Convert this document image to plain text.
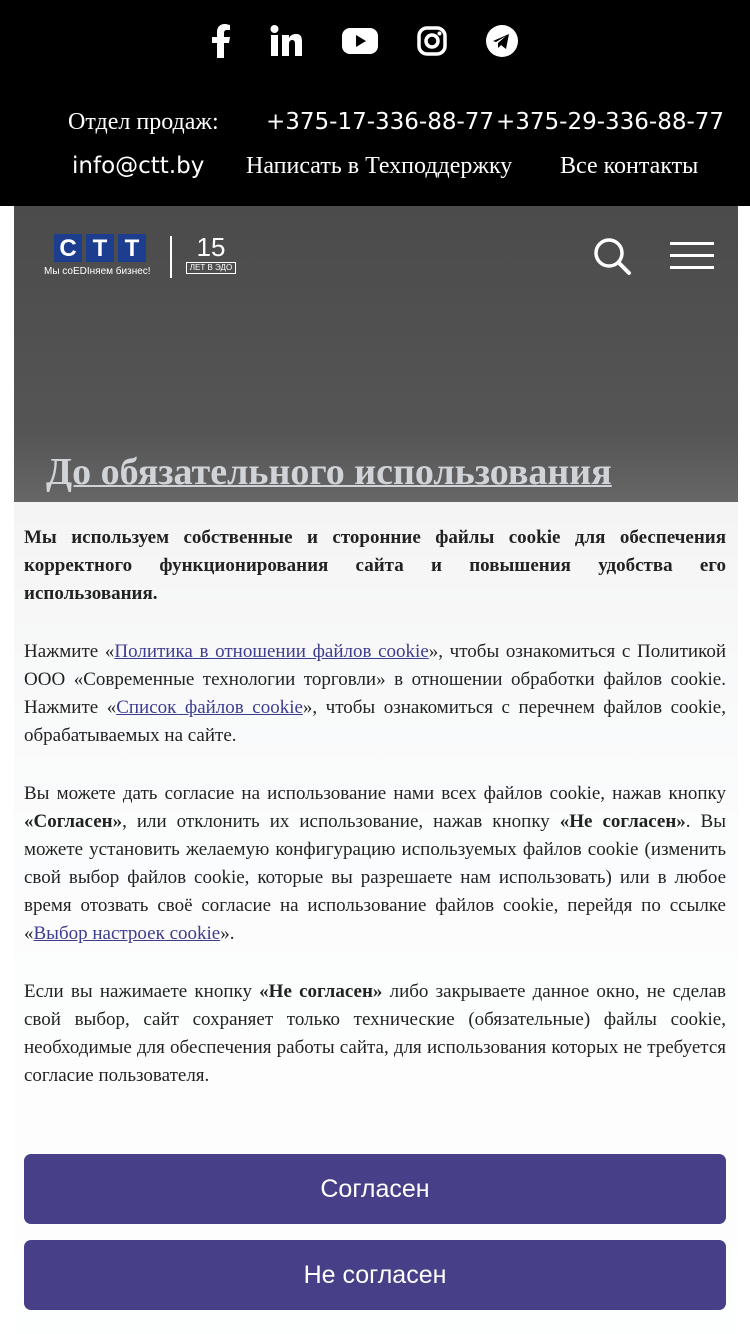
Отдел продаж: +375-17-336-88-77 +375-29-336-88-77
info@ctt.by Написать в Техподдержку Все контакты
C T T
Мы соEDIняем бизнес!
15
ЛЕТ В ЭДО
До обязательного использования

Мы используем собственные и сторонние файлы cookie для обеспечения корректного функционирования сайта и повышения удобства его использования.

Нажмите «Политика в отношении файлов cookie», чтобы ознакомиться с Политикой ООО «Современные технологии торговли» в отношении обработки файлов cookie. Нажмите «Список файлов cookie», чтобы ознакомиться с перечнем файлов cookie, обрабатываемых на сайте.

Вы можете дать согласие на использование нами всех файлов cookie, нажав кнопку «Согласен», или отклонить их использование, нажав кнопку «Не согласен». Вы можете установить желаемую конфигурацию используемых файлов cookie (изменить свой выбор файлов cookie, которые вы разрешаете нам использовать) или в любое время отозвать своё согласие на использование файлов cookie, перейдя по ссылке «Выбор настроек cookie».

Если вы нажимаете кнопку «Не согласен» либо закрываете данное окно, не сделав свой выбор, сайт сохраняет только технические (обязательные) файлы cookie, необходимые для обеспечения работы сайта, для использования которых не требуется согласие пользователя.

Согласен
Не согласен
